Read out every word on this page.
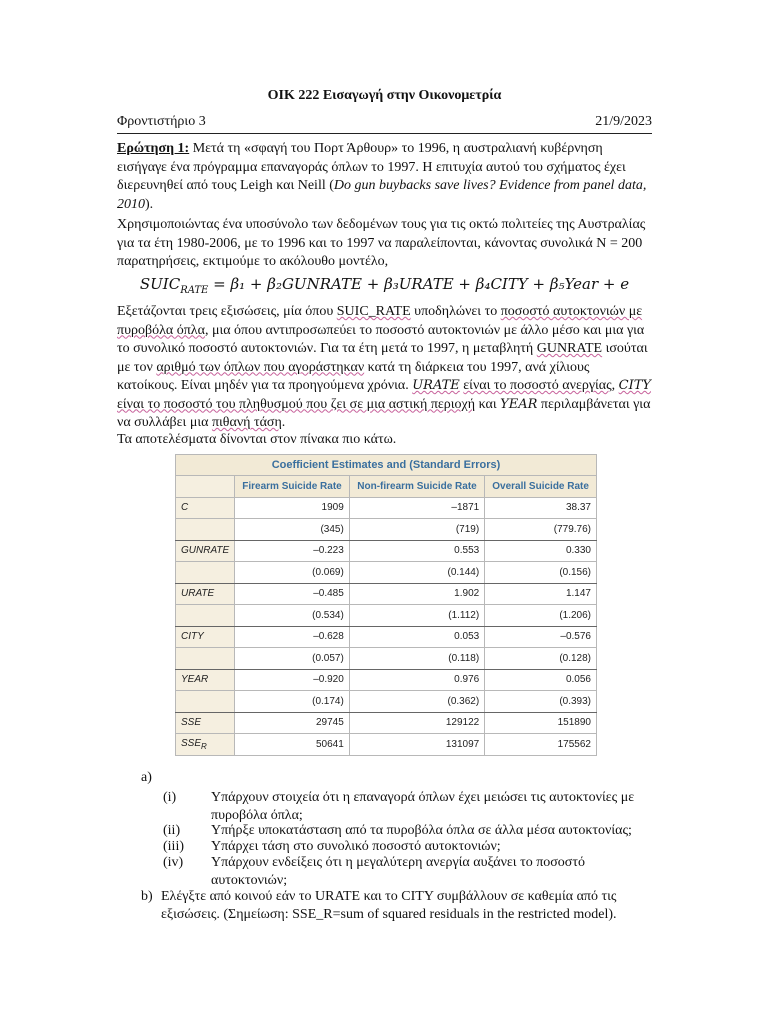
ΟΙΚ 222 Εισαγωγή στην Οικονομετρία
Φροντιστήριο 3	21/9/2023
Ερώτηση 1: Μετά τη «σφαγή του Πορτ Άρθουρ» το 1996, η αυστραλιανή κυβέρνηση εισήγαγε ένα πρόγραμμα επαναγοράς όπλων το 1997. Η επιτυχία αυτού του σχήματος έχει διερευνηθεί από τους Leigh και Neill (Do gun buybacks save lives? Evidence from panel data, 2010).
Χρησιμοποιώντας ένα υποσύνολο των δεδομένων τους για τις οκτώ πολιτείες της Αυστραλίας για τα έτη 1980-2006, με το 1996 και το 1997 να παραλείπονται, κάνοντας συνολικά N = 200 παρατηρήσεις, εκτιμούμε το ακόλουθο μοντέλο,
$SUIC_{RATE} = \beta_1$ + β₂GUNRATE + β₃URATE + β₄CITY + β₅Year + e
Εξετάζονται τρεις εξισώσεις, μία όπου SUIC_RATE υποδηλώνει το ποσοστό αυτοκτονιών με πυροβόλα όπλα, μια όπου αντιπροσωπεύει το ποσοστό αυτοκτονιών με άλλο μέσο και μια για το συνολικό ποσοστό αυτοκτονιών. Για τα έτη μετά το 1997, η μεταβλητή GUNRATE ισούται με τον αριθμό των όπλων που αγοράστηκαν κατά τη διάρκεια του 1997, ανά χίλιους κατοίκους. Είναι μηδέν για τα προηγούμενα χρόνια. URATE είναι το ποσοστό ανεργίας, CITY είναι το ποσοστό του πληθυσμού που ζει σε μια αστική περιοχή και YEAR περιλαμβάνεται για να συλλάβει μια πιθανή τάση.
Τα αποτελέσματα δίνονται στον πίνακα πιο κάτω.
Coefficient Estimates and (Standard Errors)			
	Firearm Suicide Rate	Non-firearm Suicide Rate	Overall Suicide Rate
C	1909	–1871	38.37
	(345)	(719)	(779.76)
GUNRATE	–0.223	0.553	0.330
	(0.069)	(0.144)	(0.156)
URATE	–0.485	1.902	1.147
	(0.534)	(1.112)	(1.206)
CITY	–0.628	0.053	–0.576
	(0.057)	(0.118)	(0.128)
YEAR	–0.920	0.976	0.056
	(0.174)	(0.362)	(0.393)
SSE	29745	129122	151890
$SSE_R$	50641	131097	175562
a)
(i) Υπάρχουν στοιχεία ότι η επαναγορά όπλων έχει μειώσει τις αυτοκτονίες με πυροβόλα όπλα;
(ii) Υπήρξε υποκατάσταση από τα πυροβόλα όπλα σε άλλα μέσα αυτοκτονίας;
(iii) Υπάρχει τάση στο συνολικό ποσοστό αυτοκτονιών;
(iv) Υπάρχουν ενδείξεις ότι η μεγαλύτερη ανεργία αυξάνει το ποσοστό αυτοκτονιών;
b) Ελέγξτε από κοινού εάν το URATE και το CITY συμβάλλουν σε καθεμία από τις εξισώσεις. (Σημείωση: SSE_R=sum of squared residuals in the restricted model).
